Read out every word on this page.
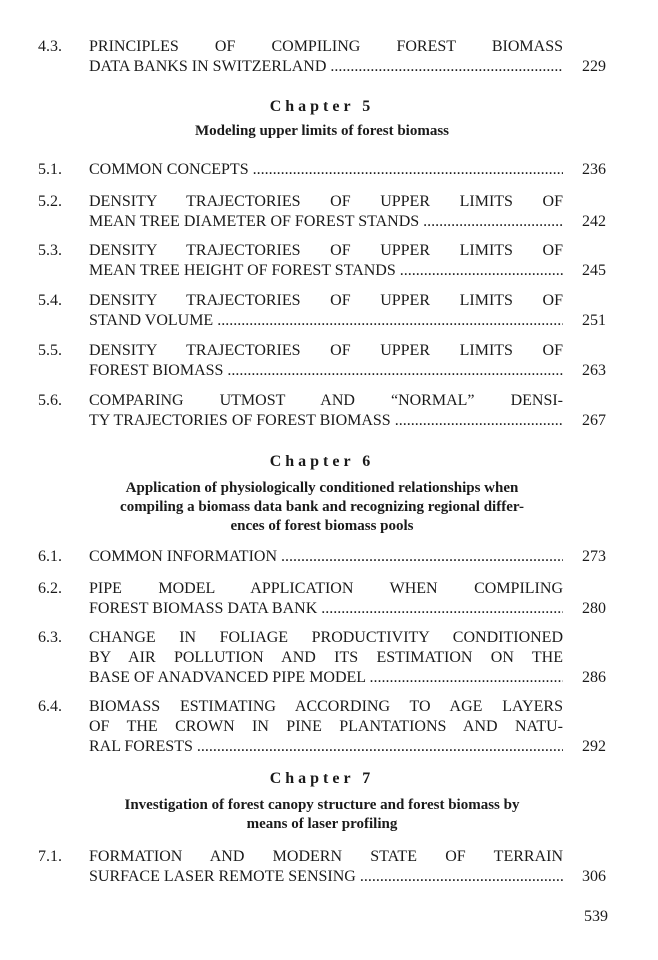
4.3.	PRINCIPLES OF COMPILING FOREST BIOMASS
DATA BANKS IN SWITZERLAND .....	229
Chapter 5
Modeling upper limits of forest biomass
5.1.	COMMON CONCEPTS .....	236
5.2.	DENSITY TRAJECTORIES OF UPPER LIMITS OF
MEAN TREE DIAMETER OF FOREST STANDS .....	242
5.3.	DENSITY TRAJECTORIES OF UPPER LIMITS OF
MEAN TREE HEIGHT OF FOREST STANDS .....	245
5.4.	DENSITY TRAJECTORIES OF UPPER LIMITS OF
STAND VOLUME .....	251
5.5.	DENSITY TRAJECTORIES OF UPPER LIMITS OF
FOREST BIOMASS .....	263
5.6.	COMPARING UTMOST AND “NORMAL” DENSI-
TY TRAJECTORIES OF FOREST BIOMASS .....	267
Chapter 6
Application of physiologically conditioned relationships when
compiling a biomass data bank and recognizing regional differ-
ences of forest biomass pools
6.1.	COMMON INFORMATION .....	273
6.2.	PIPE MODEL APPLICATION WHEN COMPILING
FOREST BIOMASS DATA BANK .....	280
6.3.	CHANGE IN FOLIAGE PRODUCTIVITY CONDITIONED
BY AIR POLLUTION AND ITS ESTIMATION ON THE
BASE OF ANADVANCED PIPE MODEL .....	286
6.4.	BIOMASS ESTIMATING ACCORDING TO AGE LAYERS
OF THE CROWN IN PINE PLANTATIONS AND NATU-
RAL FORESTS .....	292
Chapter 7
Investigation of forest canopy structure and forest biomass by
means of laser profiling
7.1.	FORMATION AND MODERN STATE OF TERRAIN
SURFACE LASER REMOTE SENSING .....	306
539
